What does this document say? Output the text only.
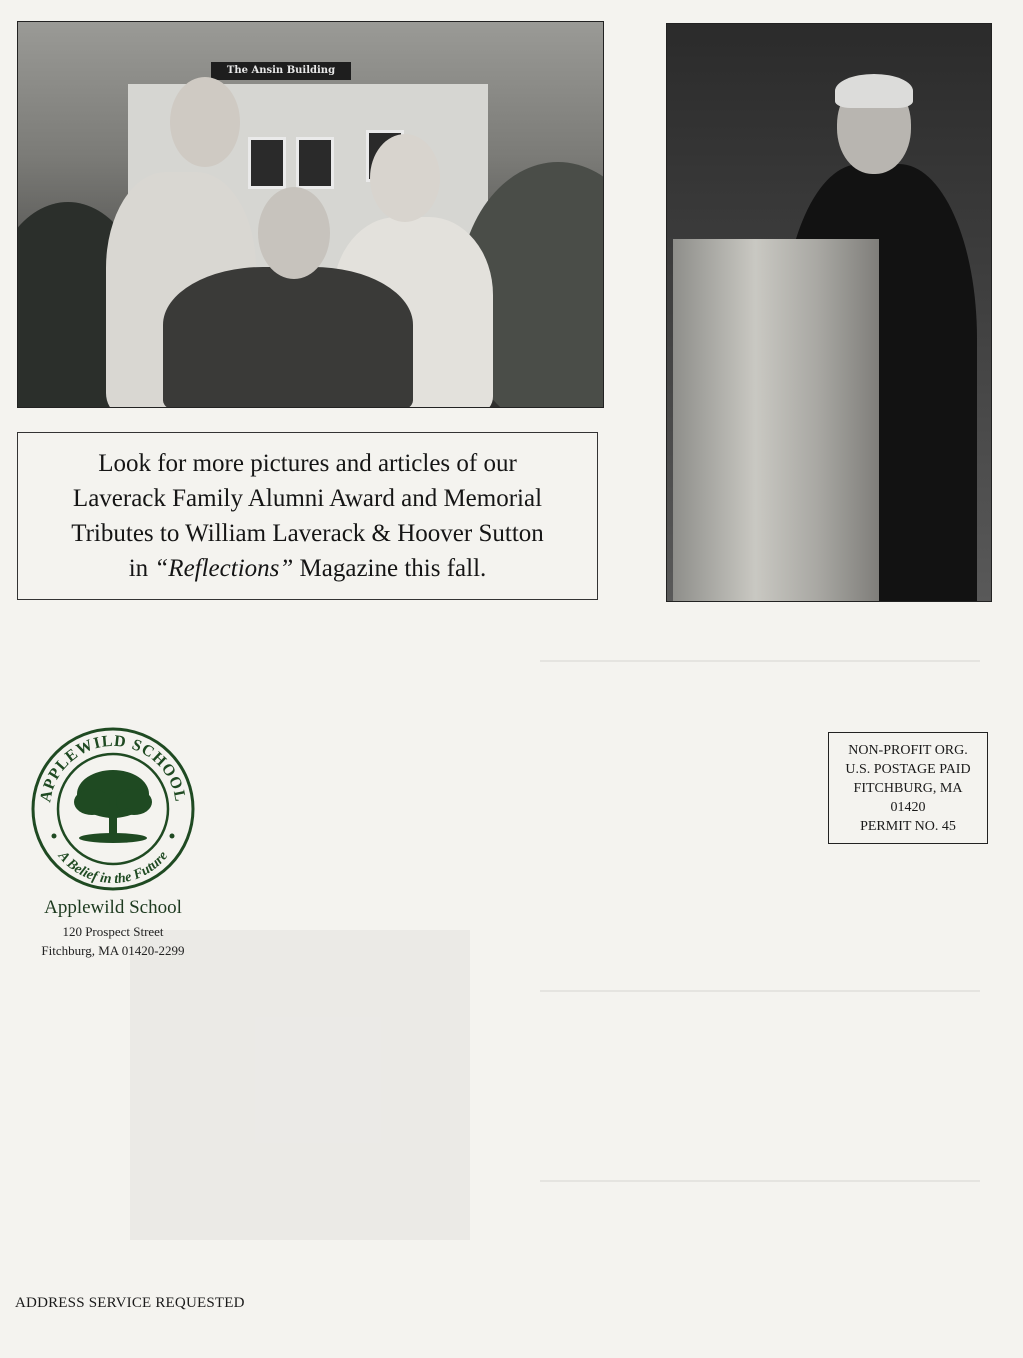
The Ansin Building
Look for more pictures and articles of our
Laverack Family Alumni Award and Memorial
Tributes to William Laverack & Hoover Sutton
in “Reflections” Magazine this fall.
NON-PROFIT ORG.
U.S. POSTAGE PAID
FITCHBURG, MA
01420
PERMIT NO. 45
APPLEWILD SCHOOL
A Belief in the Future
Applewild School
120 Prospect Street
Fitchburg, MA 01420-2299
ADDRESS SERVICE REQUESTED
